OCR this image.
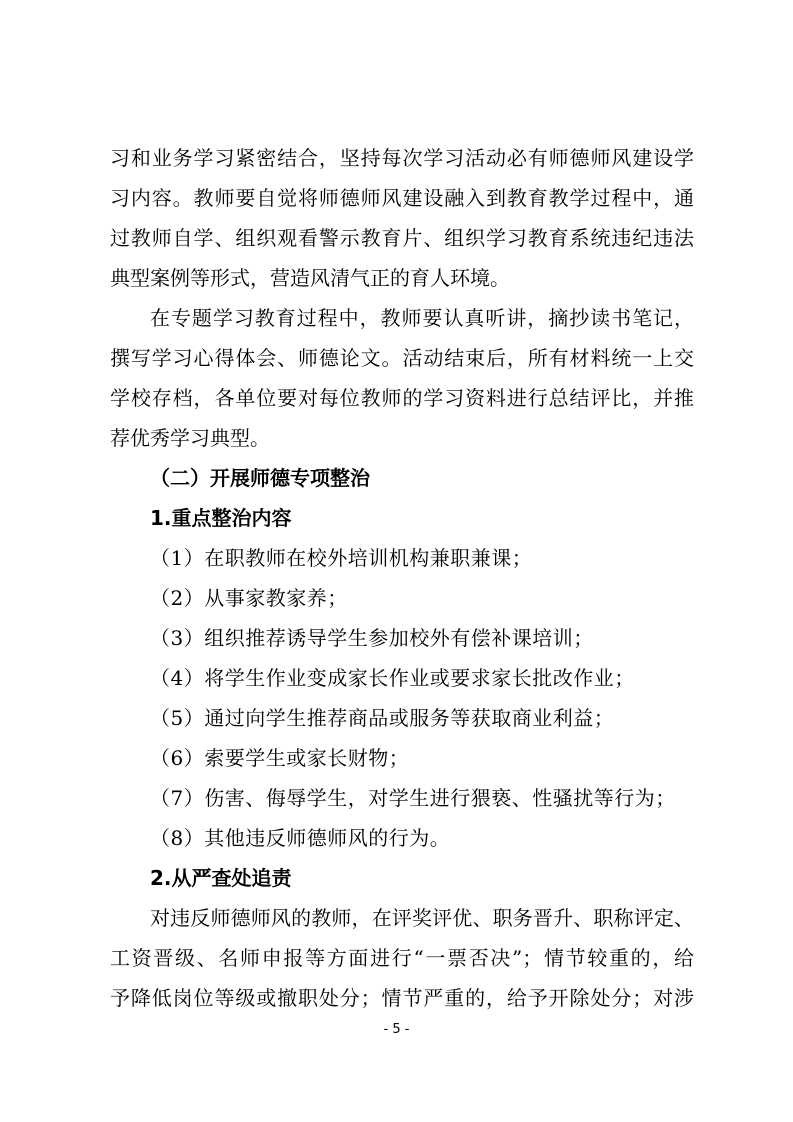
习和业务学习紧密结合，坚持每次学习活动必有师德师风建设学
习内容。教师要自觉将师德师风建设融入到教育教学过程中，通
过教师自学、组织观看警示教育片、组织学习教育系统违纪违法
典型案例等形式，营造风清气正的育人环境。
在专题学习教育过程中，教师要认真听讲，摘抄读书笔记，
撰写学习心得体会、师德论文。活动结束后，所有材料统一上交
学校存档，各单位要对每位教师的学习资料进行总结评比，并推
荐优秀学习典型。
（二）开展师德专项整治
1.重点整治内容
（1）在职教师在校外培训机构兼职兼课；
（2）从事家教家养；
（3）组织推荐诱导学生参加校外有偿补课培训；
（4）将学生作业变成家长作业或要求家长批改作业；
（5）通过向学生推荐商品或服务等获取商业利益；
（6）索要学生或家长财物；
（7）伤害、侮辱学生，对学生进行猥亵、性骚扰等行为；
（8）其他违反师德师风的行为。
2.从严查处追责
对违反师德师风的教师，在评奖评优、职务晋升、职称评定、
工资晋级、名师申报等方面进行“一票否决”；情节较重的，给
予降低岗位等级或撤职处分；情节严重的，给予开除处分；对涉
- 5 -
